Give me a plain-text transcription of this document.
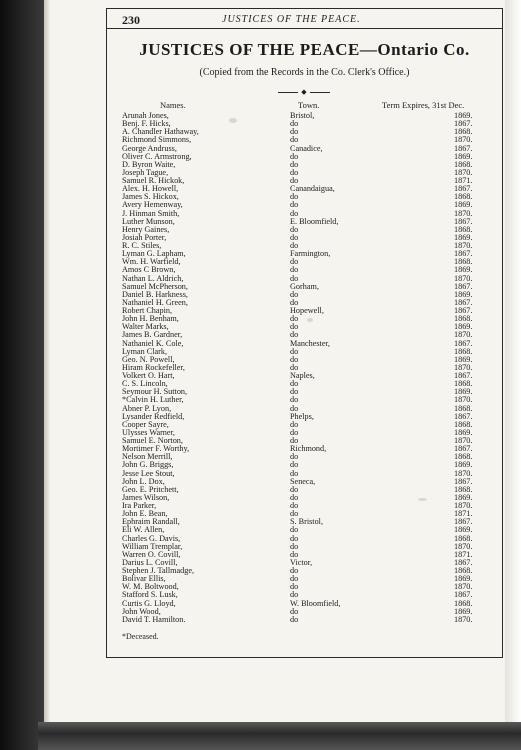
230	JUSTICES OF THE PEACE.
JUSTICES OF THE PEACE—Ontario Co.
(Copied from the Records in the Co. Clerk's Office.)
◆
Names.	Town.	Term Expires, 31st Dec.
Arunah Jones,	Bristol,	1869.
Benj. F. Hicks,	do	1867.
A. Chandler Hathaway,	do	1868.
Richmond Simmons,	do	1870.
George Andruss,	Canadice,	1867.
Oliver C. Armstrong,	do	1869.
D. Byron Waite,	do	1868.
Joseph Tague,	do	1870.
Samuel R. Hickok,	do	1871.
Alex. H. Howell,	Canandaigua,	1867.
James S. Hickox,	do	1868.
Avery Hemenway,	do	1869.
J. Hinman Smith,	do	1870.
Luther Munson,	E. Bloomfield,	1867.
Henry Gaines,	do	1868.
Josiah Porter,	do	1869.
R. C. Stiles,	do	1870.
Lyman G. Lapham,	Farmington,	1867.
Wm. H. Warfield,	do	1868.
Amos C Brown,	do	1869.
Nathan L. Aldrich,	do	1870.
Samuel McPherson,	Gorham,	1867.
Daniel B. Harkness,	do	1869.
Nathaniel H. Green,	do	1867.
Robert Chapin,	Hopewell,	1867.
John H. Benham,	do	1868.
Walter Marks,	do	1869.
James B. Gardner,	do	1870.
Nathaniel K. Cole,	Manchester,	1867.
Lyman Clark,	do	1868.
Geo. N. Powell,	do	1869.
Hiram Rockefeller,	do	1870.
Volkert O. Hart,	Naples,	1867.
C. S. Lincoln,	do	1868.
Seymour H. Sutton,	do	1869.
*Calvin H. Luther,	do	1870.
Abner P. Lyon,	do	1868.
Lysander Redfield,	Phelps,	1867.
Cooper Sayre,	do	1868.
Ulysses Warner,	do	1869.
Samuel E. Norton,	do	1870.
Mortimer F. Worthy,	Richmond,	1867.
Nelson Merrill,	do	1868.
John G. Briggs,	do	1869.
Jesse Lee Stout,	do	1870.
John L. Dox,	Seneca,	1867.
Geo. E. Pritchett,	do	1868.
James Wilson,	do	1869.
Ira Parker,	do	1870.
John E. Bean,	do	1871.
Ephraim Randall,	S. Bristol,	1867.
Eli W. Allen,	do	1869.
Charles G. Davis,	do	1868.
William Tremplar,	do	1870.
Warren O. Covill,	do	1871.
Darius L. Covill,	Victor,	1867.
Stephen J. Tallmadge,	do	1868.
Bolivar Ellis,	do	1869.
W. M. Boltwood,	do	1870.
Stafford S. Lusk,	do	1867.
Curtis G. Lloyd,	W. Bloomfield,	1868.
John Wood,	do	1869.
David T. Hamilton.	do	1870.
*Deceased.
